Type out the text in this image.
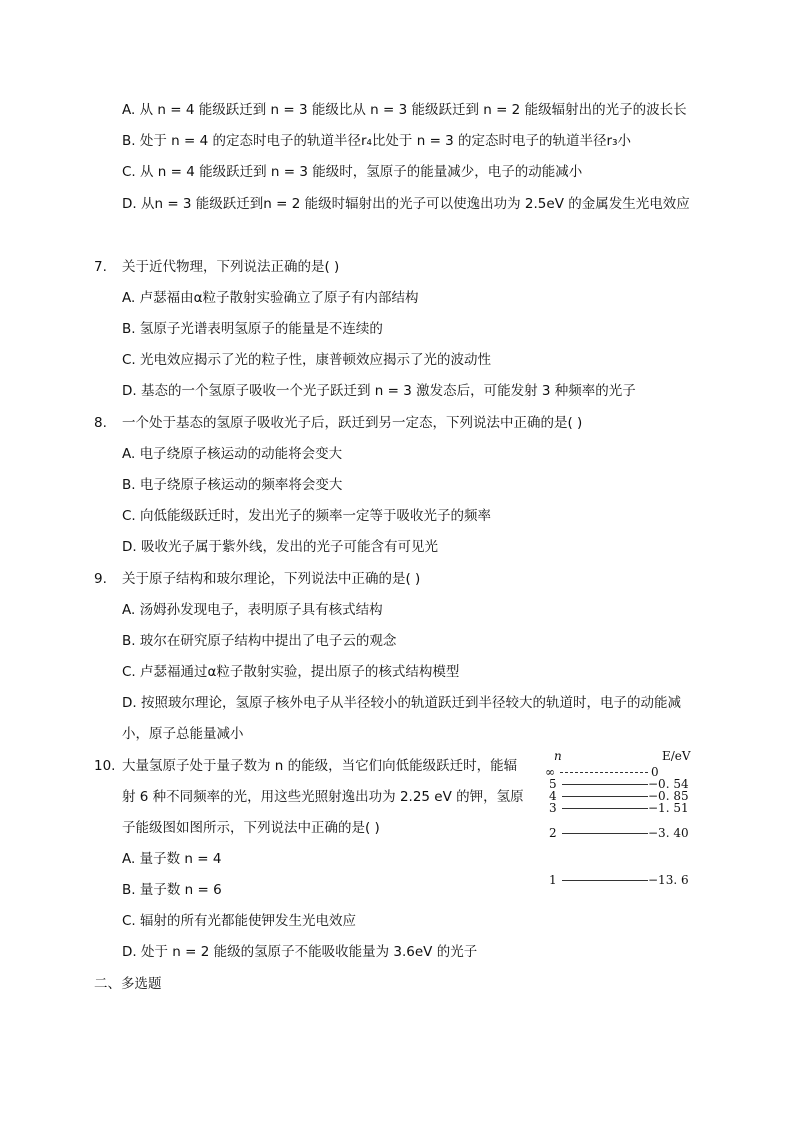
A. 从 n = 4 能级跃迁到 n = 3 能级比从 n = 3 能级跃迁到 n = 2 能级辐射出的光子的波长长
B. 处于 n = 4 的定态时电子的轨道半径r₄比处于 n = 3 的定态时电子的轨道半径r₃小
C. 从 n = 4 能级跃迁到 n = 3 能级时，氢原子的能量减少，电子的动能减小
D. 从n = 3 能级跃迁到n = 2 能级时辐射出的光子可以使逸出功为 2.5eV 的金属发生光电效应
7. 关于近代物理，下列说法正确的是( )
A. 卢瑟福由α粒子散射实验确立了原子有内部结构
B. 氢原子光谱表明氢原子的能量是不连续的
C. 光电效应揭示了光的粒子性，康普顿效应揭示了光的波动性
D. 基态的一个氢原子吸收一个光子跃迁到 n = 3 激发态后，可能发射 3 种频率的光子
8. 一个处于基态的氢原子吸收光子后，跃迁到另一定态，下列说法中正确的是( )
A. 电子绕原子核运动的动能将会变大
B. 电子绕原子核运动的频率将会变大
C. 向低能级跃迁时，发出光子的频率一定等于吸收光子的频率
D. 吸收光子属于紫外线，发出的光子可能含有可见光
9. 关于原子结构和玻尔理论，下列说法中正确的是( )
A. 汤姆孙发现电子，表明原子具有核式结构
B. 玻尔在研究原子结构中提出了电子云的观念
C. 卢瑟福通过α粒子散射实验，提出原子的核式结构模型
D. 按照玻尔理论，氢原子核外电子从半径较小的轨道跃迁到半径较大的轨道时，电子的动能减
小，原子总能量减小
10. 大量氢原子处于量子数为 n 的能级，当它们向低能级跃迁时，能辐
射 6 种不同频率的光，用这些光照射逸出功为 2.25 eV 的钾，氢原
子能级图如图所示，下列说法中正确的是( )
A. 量子数 n = 4
B. 量子数 n = 6
C. 辐射的所有光都能使钾发生光电效应
D. 处于 n = 2 能级的氢原子不能吸收能量为 3.6eV 的光子
n	E/eV
∞	0
5	−0. 54
4	−0. 85
3	−1. 51
2	−3. 40
1	−13. 6
二、多选题
